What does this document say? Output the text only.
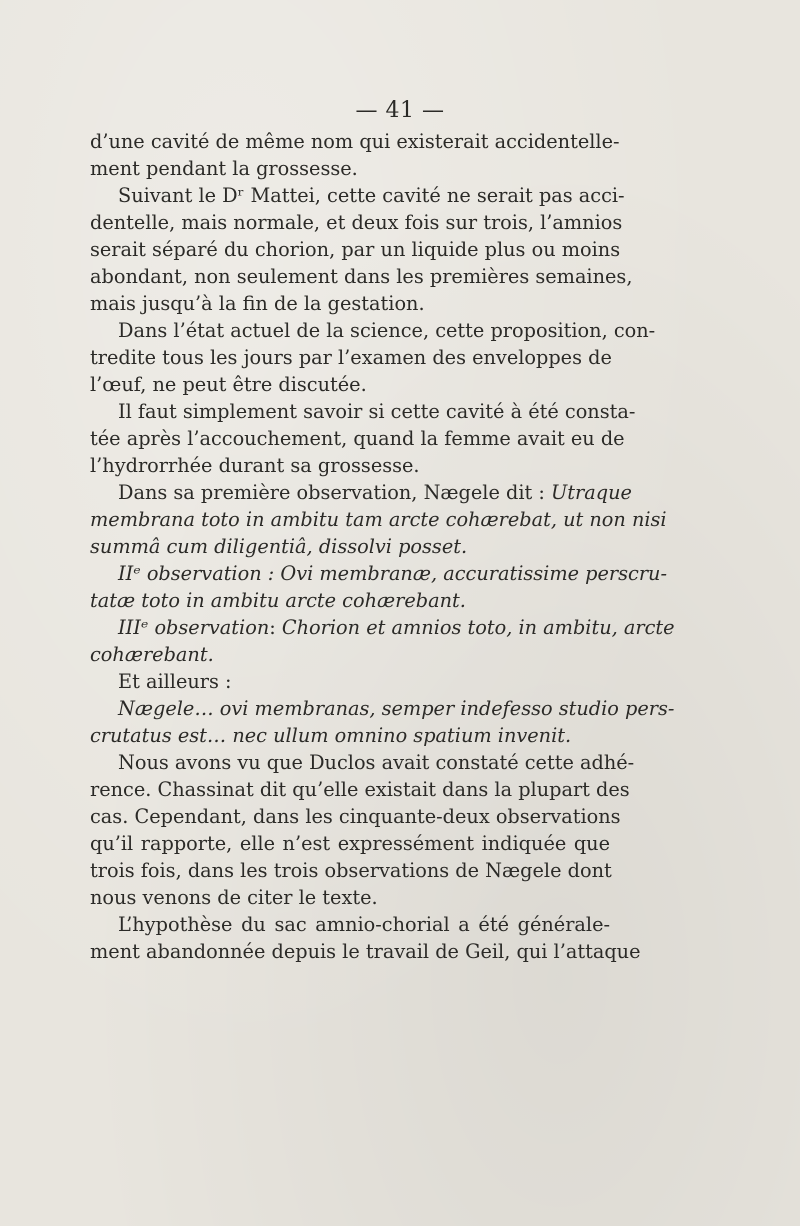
— 41 —
d’une cavité de même nom qui existerait accidentelle-
ment pendant la grossesse.
Suivant le Dʳ Mattei, cette cavité ne serait pas acci-
dentelle, mais normale, et deux fois sur trois, l’amnios
serait séparé du chorion, par un liquide plus ou moins
abondant, non seulement dans les premières semaines,
mais jusqu’à la fin de la gestation.
Dans l’état actuel de la science, cette proposition, con-
tredite tous les jours par l’examen des enveloppes de
l’œuf, ne peut être discutée.
Il faut simplement savoir si cette cavité à été consta-
tée après l’accouchement, quand la femme avait eu de
l’hydrorrhée durant sa grossesse.
Dans sa première observation, Nægele dit : Utraque
membrana toto in ambitu tam arcte cohærebat, ut non nisi
summâ cum diligentiâ, dissolvi posset.
IIᵉ observation : Ovi membranæ, accuratissime perscru-
tatæ toto in ambitu arcte cohærebant.
IIIᵉ observation: Chorion et amnios toto, in ambitu, arcte
cohærebant.
Et ailleurs :
Nægele… ovi membranas, semper indefesso studio pers-
crutatus est… nec ullum omnino spatium invenit.
Nous avons vu que Duclos avait constaté cette adhé-
rence. Chassinat dit qu’elle existait dans la plupart des
cas. Cependant, dans les cinquante-deux observations
qu’il rapporte, elle n’est expressément indiquée que
trois fois, dans les trois observations de Nægele dont
nous venons de citer le texte.
L’hypothèse du sac amnio-chorial a été générale-
ment abandonnée depuis le travail de Geil, qui l’attaque
